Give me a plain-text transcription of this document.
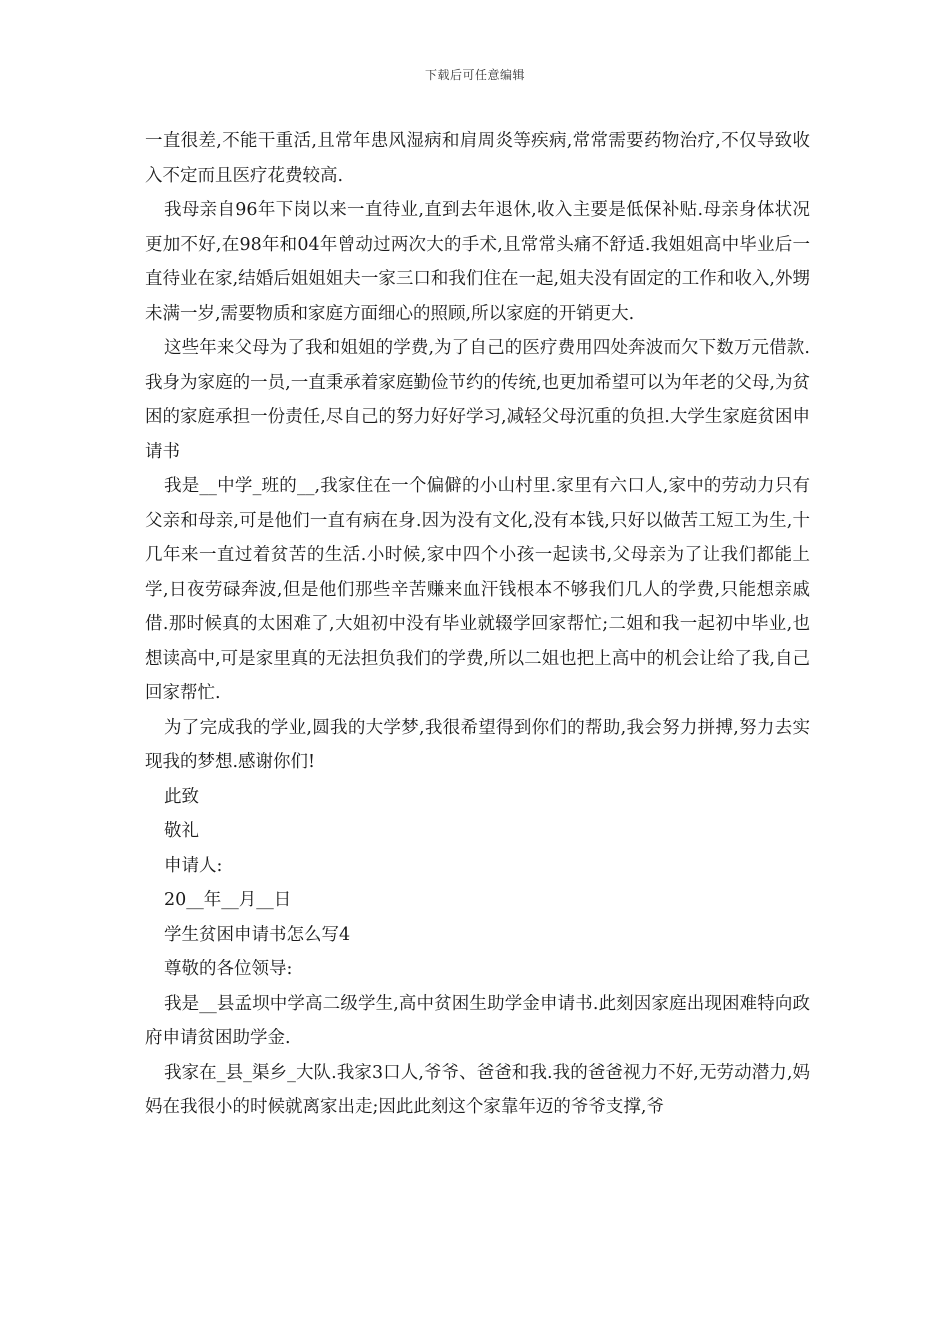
下载后可任意编辑

一直很差,不能干重活,且常年患风湿病和肩周炎等疾病,常常需要药物治疗,不仅导致收入不定而且医疗花费较高.

我母亲自96年下岗以来一直待业,直到去年退休,收入主要是低保补贴.母亲身体状况更加不好,在98年和04年曾动过两次大的手术,且常常头痛不舒适.我姐姐高中毕业后一直待业在家,结婚后姐姐姐夫一家三口和我们住在一起,姐夫没有固定的工作和收入,外甥未满一岁,需要物质和家庭方面细心的照顾,所以家庭的开销更大.

这些年来父母为了我和姐姐的学费,为了自己的医疗费用四处奔波而欠下数万元借款.我身为家庭的一员,一直秉承着家庭勤俭节约的传统,也更加希望可以为年老的父母,为贫困的家庭承担一份责任,尽自己的努力好好学习,减轻父母沉重的负担.大学生家庭贫困申请书

我是__中学_班的__,我家住在一个偏僻的小山村里.家里有六口人,家中的劳动力只有父亲和母亲,可是他们一直有病在身.因为没有文化,没有本钱,只好以做苦工短工为生,十几年来一直过着贫苦的生活.小时候,家中四个小孩一起读书,父母亲为了让我们都能上学,日夜劳碌奔波,但是他们那些辛苦赚来血汗钱根本不够我们几人的学费,只能想亲戚借.那时候真的太困难了,大姐初中没有毕业就辍学回家帮忙;二姐和我一起初中毕业,也想读高中,可是家里真的无法担负我们的学费,所以二姐也把上高中的机会让给了我,自己回家帮忙.

为了完成我的学业,圆我的大学梦,我很希望得到你们的帮助,我会努力拼搏,努力去实现我的梦想.感谢你们!

此致
敬礼
申请人:
20__年__月__日
学生贫困申请书怎么写4
尊敬的各位领导:

我是__县孟坝中学高二级学生,高中贫困生助学金申请书.此刻因家庭出现困难特向政府申请贫困助学金.

我家在_县_渠乡_大队.我家3口人,爷爷、爸爸和我.我的爸爸视力不好,无劳动潜力,妈妈在我很小的时候就离家出走;因此此刻这个家靠年迈的爷爷支撑,爷
